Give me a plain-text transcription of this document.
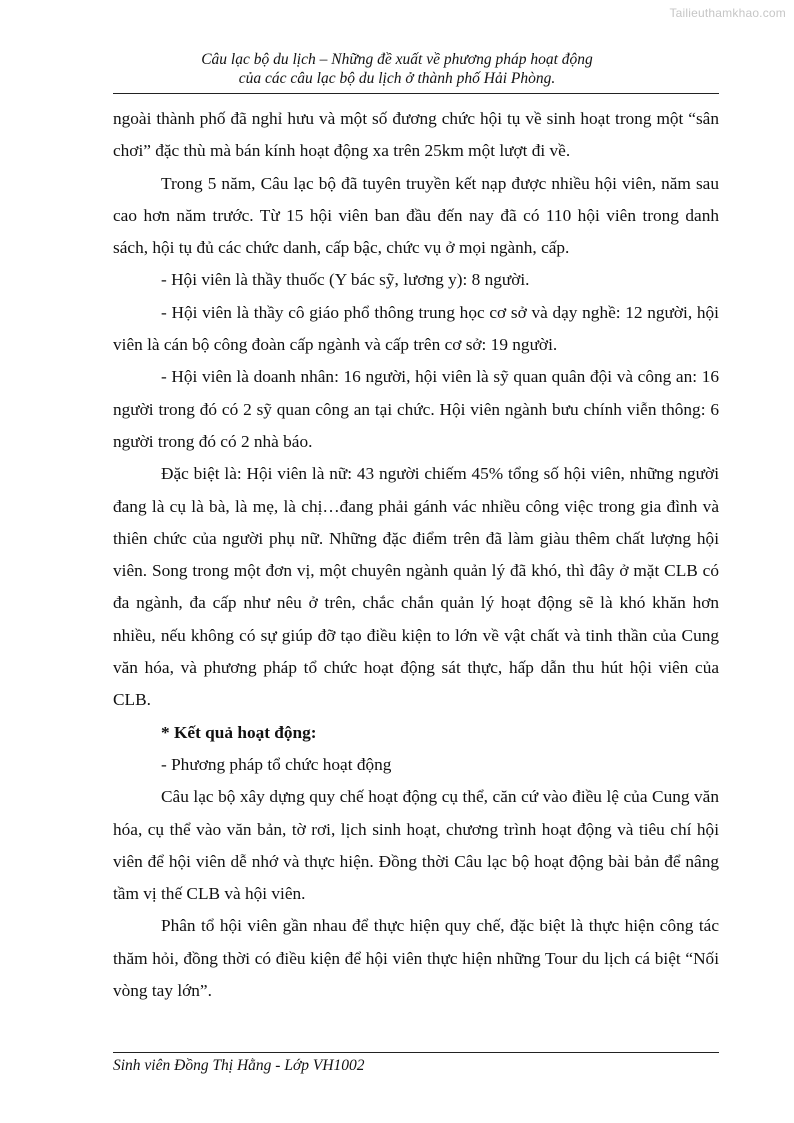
Tailieuthamkhao.com
Câu lạc bộ du lịch – Những đề xuất về phương pháp hoạt động
của các câu lạc bộ du lịch ở thành phố Hải Phòng.

ngoài thành phố đã nghỉ hưu và một số đương chức hội tụ về sinh hoạt trong một “sân chơi” đặc thù mà bán kính hoạt động xa trên 25km một lượt đi về.

Trong 5 năm, Câu lạc bộ đã tuyên truyền kết nạp được nhiều hội viên, năm sau cao hơn năm trước. Từ 15 hội viên ban đầu đến nay đã có 110 hội viên trong danh sách, hội tụ đủ các chức danh, cấp bậc, chức vụ ở mọi ngành, cấp.

- Hội viên là thầy thuốc (Y bác sỹ, lương y): 8 người.

- Hội viên là thầy cô giáo phổ thông trung học cơ sở và dạy nghề: 12 người, hội viên là cán bộ công đoàn cấp ngành và cấp trên cơ sở: 19 người.

- Hội viên là doanh nhân: 16 người, hội viên là sỹ quan quân đội và công an: 16 người trong đó có 2 sỹ quan công an tại chức. Hội viên ngành bưu chính viễn thông: 6 người trong đó có 2 nhà báo.

Đặc biệt là: Hội viên là nữ: 43 người chiếm 45% tổng số hội viên, những người đang là cụ là bà, là mẹ, là chị…đang phải gánh vác nhiều công việc trong gia đình và thiên chức của người phụ nữ. Những đặc điểm trên đã làm giàu thêm chất lượng hội viên. Song trong một đơn vị, một chuyên ngành quản lý đã khó, thì đây ở mặt CLB có đa ngành, đa cấp như nêu ở trên, chắc chắn quản lý hoạt động sẽ là khó khăn hơn nhiều, nếu không có sự giúp đỡ tạo điều kiện to lớn về vật chất và tinh thần của Cung văn hóa, và phương pháp tổ chức hoạt động sát thực, hấp dẫn thu hút hội viên của CLB.

* Kết quả hoạt động:

- Phương pháp tổ chức hoạt động

Câu lạc bộ xây dựng quy chế hoạt động cụ thể, căn cứ vào điều lệ của Cung văn hóa, cụ thể vào văn bản, tờ rơi, lịch sinh hoạt, chương trình hoạt động và tiêu chí hội viên để hội viên dễ nhớ và thực hiện. Đồng thời Câu lạc bộ hoạt động bài bản để nâng tầm vị thế CLB và hội viên.

Phân tổ hội viên gần nhau để thực hiện quy chế, đặc biệt là thực hiện công tác thăm hỏi, đồng thời có điều kiện để hội viên thực hiện những Tour du lịch cá biệt “Nối vòng tay lớn”.

Sinh viên Đồng Thị Hằng - Lớp VH1002
